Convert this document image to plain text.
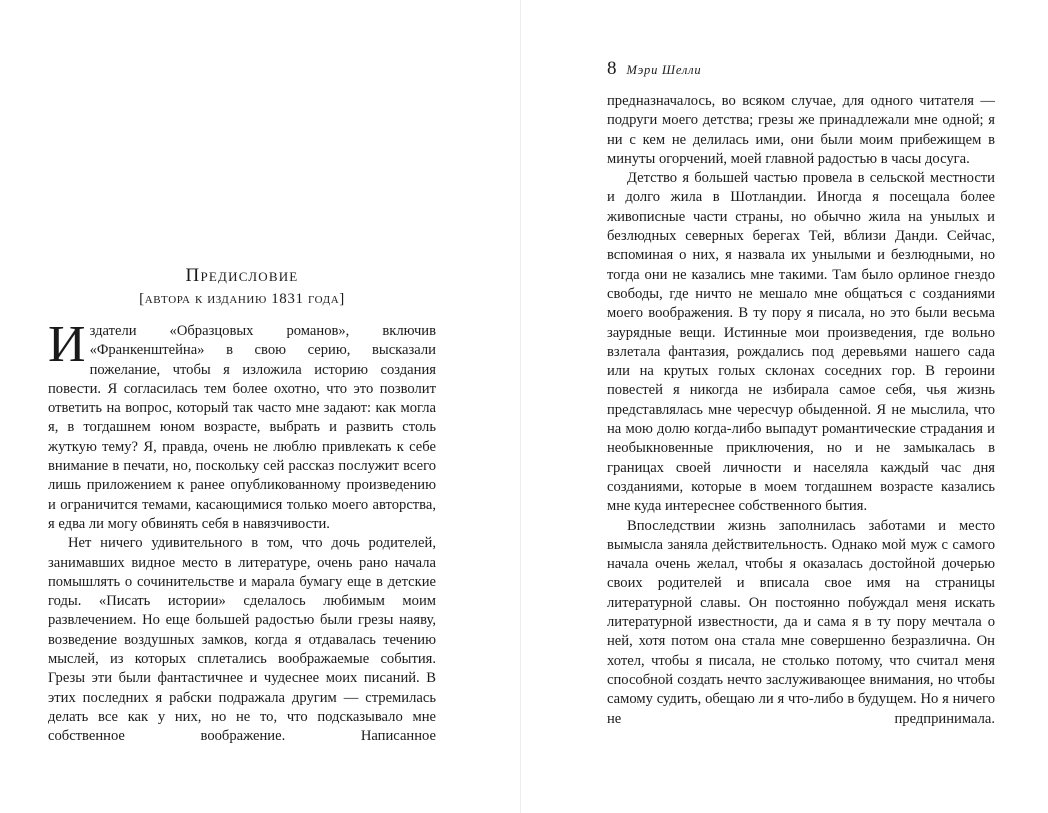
Предисловие
[автора к изданию 1831 года]

Издатели «Образцовых романов», включив «Франкенштейна» в свою серию, высказали пожелание, чтобы я изложила историю создания повести. Я согласилась тем более охотно, что это позволит ответить на вопрос, который так часто мне задают: как могла я, в тогдашнем юном возрасте, выбрать и развить столь жуткую тему? Я, правда, очень не люблю привлекать к себе внимание в печати, но, поскольку сей рассказ послужит всего лишь приложением к ранее опубликованному произведению и ограничится темами, касающимися только моего авторства, я едва ли могу обвинять себя в навязчивости.

Нет ничего удивительного в том, что дочь родителей, занимавших видное место в литературе, очень рано начала помышлять о сочинительстве и марала бумагу еще в детские годы. «Писать истории» сделалось любимым моим развлечением. Но еще большей радостью были грезы наяву, возведение воздушных замков, когда я отдавалась течению мыслей, из которых сплетались воображаемые события. Грезы эти были фантастичнее и чудеснее моих писаний. В этих последних я рабски подражала другим — стремилась делать все как у них, но не то, что подсказывало мне собственное воображение. Написанное

8 Мэри Шелли

предназначалось, во всяком случае, для одного читателя — подруги моего детства; грезы же принадлежали мне одной; я ни с кем не делилась ими, они были моим прибежищем в минуты огорчений, моей главной радостью в часы досуга.

Детство я большей частью провела в сельской местности и долго жила в Шотландии. Иногда я посещала более живописные части страны, но обычно жила на унылых и безлюдных северных берегах Тей, вблизи Данди. Сейчас, вспоминая о них, я назвала их унылыми и безлюдными, но тогда они не казались мне такими. Там было орлиное гнездо свободы, где ничто не мешало мне общаться с созданиями моего воображения. В ту пору я писала, но это были весьма заурядные вещи. Истинные мои произведения, где вольно взлетала фантазия, рождались под деревьями нашего сада или на крутых голых склонах соседних гор. В героини повестей я никогда не избирала самое себя, чья жизнь представлялась мне чересчур обыденной. Я не мыслила, что на мою долю когда-либо выпадут романтические страдания и необыкновенные приключения, но и не замыкалась в границах своей личности и населяла каждый час дня созданиями, которые в моем тогдашнем возрасте казались мне куда интереснее собственного бытия.

Впоследствии жизнь заполнилась заботами и место вымысла заняла действительность. Однако мой муж с самого начала очень желал, чтобы я оказалась достойной дочерью своих родителей и вписала свое имя на страницы литературной славы. Он постоянно побуждал меня искать литературной известности, да и сама я в ту пору мечтала о ней, хотя потом она стала мне совершенно безразлична. Он хотел, чтобы я писала, не столько потому, что считал меня способной создать нечто заслуживающее внимания, но чтобы самому судить, обещаю ли я что-либо в будущем. Но я ничего не предпринимала.
